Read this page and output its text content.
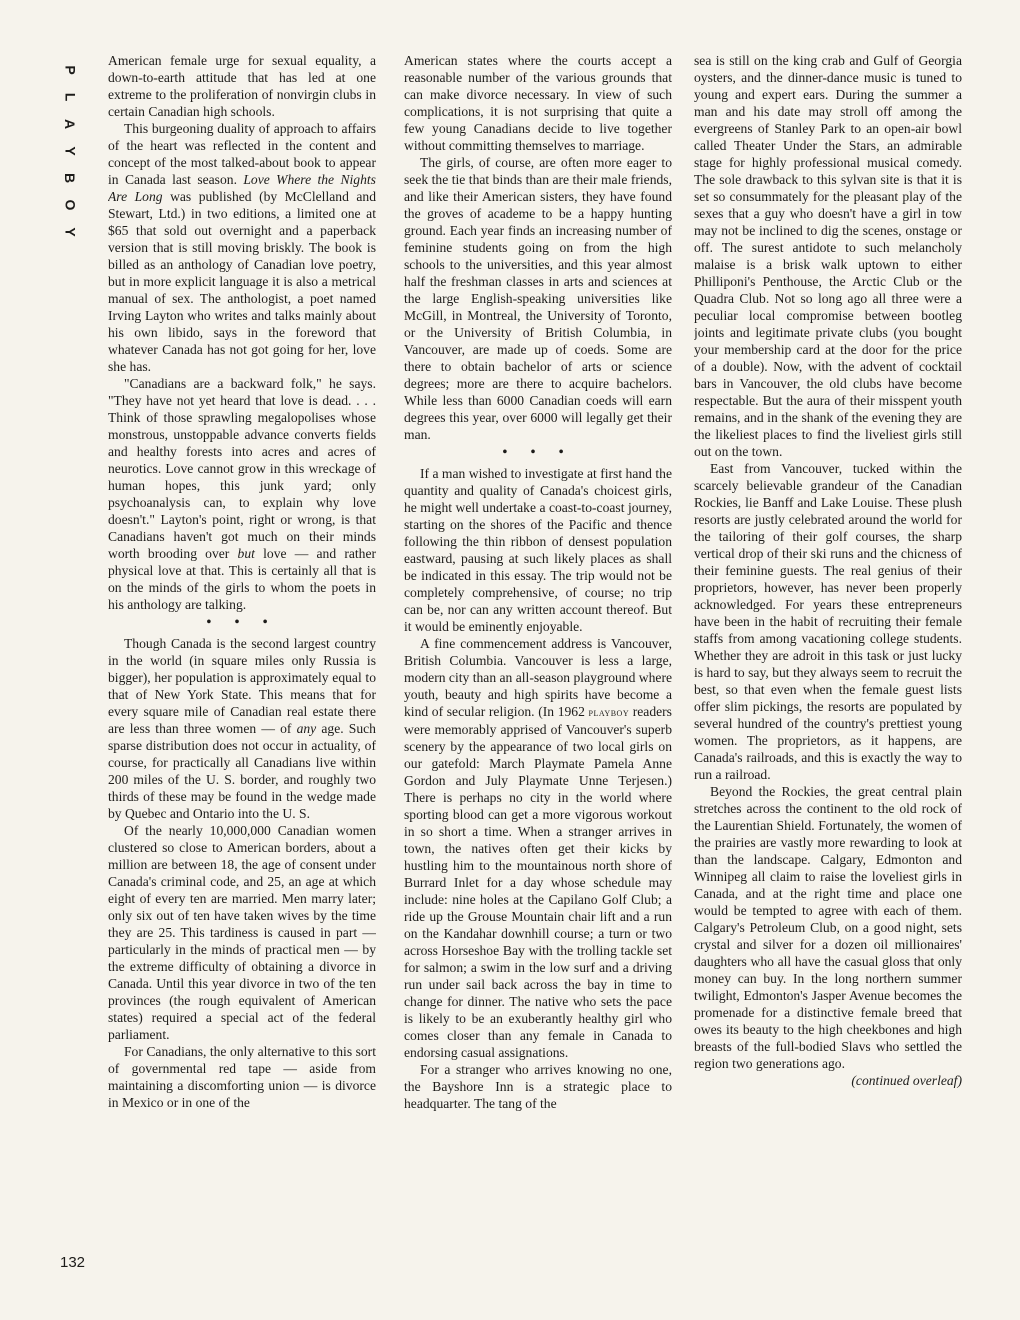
P
L
A
Y
B
O
Y

American female urge for sexual equality, a down-to-earth attitude that has led at one extreme to the proliferation of nonvirgin clubs in certain Canadian high schools.

This burgeoning duality of approach to affairs of the heart was reflected in the content and concept of the most talked-about book to appear in Canada last season. Love Where the Nights Are Long was published (by McClelland and Stewart, Ltd.) in two editions, a limited one at $65 that sold out overnight and a paperback version that is still moving briskly. The book is billed as an anthology of Canadian love poetry, but in more explicit language it is also a metrical manual of sex. The anthologist, a poet named Irving Layton who writes and talks mainly about his own libido, says in the foreword that whatever Canada has not got going for her, love she has.

"Canadians are a backward folk," he says. "They have not yet heard that love is dead. . . . Think of those sprawling megalopolises whose monstrous, unstoppable advance converts fields and healthy forests into acres and acres of neurotics. Love cannot grow in this wreckage of human hopes, this junk yard; only psychoanalysis can, to explain why love doesn't." Layton's point, right or wrong, is that Canadians haven't got much on their minds worth brooding over but love — and rather physical love at that. This is certainly all that is on the minds of the girls to whom the poets in his anthology are talking.

• • •

Though Canada is the second largest country in the world (in square miles only Russia is bigger), her population is approximately equal to that of New York State. This means that for every square mile of Canadian real estate there are less than three women — of any age. Such sparse distribution does not occur in actuality, of course, for practically all Canadians live within 200 miles of the U. S. border, and roughly two thirds of these may be found in the wedge made by Quebec and Ontario into the U. S.

Of the nearly 10,000,000 Canadian women clustered so close to American borders, about a million are between 18, the age of consent under Canada's criminal code, and 25, an age at which eight of every ten are married. Men marry later; only six out of ten have taken wives by the time they are 25. This tardiness is caused in part — particularly in the minds of practical men — by the extreme difficulty of obtaining a divorce in Canada. Until this year divorce in two of the ten provinces (the rough equivalent of American states) required a special act of the federal parliament.

For Canadians, the only alternative to this sort of governmental red tape — aside from maintaining a discomforting union — is divorce in Mexico or in one of the

American states where the courts accept a reasonable number of the various grounds that can make divorce necessary. In view of such complications, it is not surprising that quite a few young Canadians decide to live together without committing themselves to marriage.

The girls, of course, are often more eager to seek the tie that binds than are their male friends, and like their American sisters, they have found the groves of academe to be a happy hunting ground. Each year finds an increasing number of feminine students going on from the high schools to the universities, and this year almost half the freshman classes in arts and sciences at the large English-speaking universities like McGill, in Montreal, the University of Toronto, or the University of British Columbia, in Vancouver, are made up of coeds. Some are there to obtain bachelor of arts or science degrees; more are there to acquire bachelors. While less than 6000 Canadian coeds will earn degrees this year, over 6000 will legally get their man.

• • •

If a man wished to investigate at first hand the quantity and quality of Canada's choicest girls, he might well undertake a coast-to-coast journey, starting on the shores of the Pacific and thence following the thin ribbon of densest population eastward, pausing at such likely places as shall be indicated in this essay. The trip would not be completely comprehensive, of course; no trip can be, nor can any written account thereof. But it would be eminently enjoyable.

A fine commencement address is Vancouver, British Columbia. Vancouver is less a large, modern city than an all-season playground where youth, beauty and high spirits have become a kind of secular religion. (In 1962 playboy readers were memorably apprised of Vancouver's superb scenery by the appearance of two local girls on our gatefold: March Playmate Pamela Anne Gordon and July Playmate Unne Terjesen.) There is perhaps no city in the world where sporting blood can get a more vigorous workout in so short a time. When a stranger arrives in town, the natives often get their kicks by hustling him to the mountainous north shore of Burrard Inlet for a day whose schedule may include: nine holes at the Capilano Golf Club; a ride up the Grouse Mountain chair lift and a run on the Kandahar downhill course; a turn or two across Horseshoe Bay with the trolling tackle set for salmon; a swim in the low surf and a driving run under sail back across the bay in time to change for dinner. The native who sets the pace is likely to be an exuberantly healthy girl who comes closer than any female in Canada to endorsing casual assignations.

For a stranger who arrives knowing no one, the Bayshore Inn is a strategic place to headquarter. The tang of the

sea is still on the king crab and Gulf of Georgia oysters, and the dinner-dance music is tuned to young and expert ears. During the summer a man and his date may stroll off among the evergreens of Stanley Park to an open-air bowl called Theater Under the Stars, an admirable stage for highly professional musical comedy. The sole drawback to this sylvan site is that it is set so consummately for the pleasant play of the sexes that a guy who doesn't have a girl in tow may not be inclined to dig the scenes, onstage or off. The surest antidote to such melancholy malaise is a brisk walk uptown to either Philliponi's Penthouse, the Arctic Club or the Quadra Club. Not so long ago all three were a peculiar local compromise between bootleg joints and legitimate private clubs (you bought your membership card at the door for the price of a double). Now, with the advent of cocktail bars in Vancouver, the old clubs have become respectable. But the aura of their misspent youth remains, and in the shank of the evening they are the likeliest places to find the liveliest girls still out on the town.

East from Vancouver, tucked within the scarcely believable grandeur of the Canadian Rockies, lie Banff and Lake Louise. These plush resorts are justly celebrated around the world for the tailoring of their golf courses, the sharp vertical drop of their ski runs and the chicness of their feminine guests. The real genius of their proprietors, however, has never been properly acknowledged. For years these entrepreneurs have been in the habit of recruiting their female staffs from among vacationing college students. Whether they are adroit in this task or just lucky is hard to say, but they always seem to recruit the best, so that even when the female guest lists offer slim pickings, the resorts are populated by several hundred of the country's prettiest young women. The proprietors, as it happens, are Canada's railroads, and this is exactly the way to run a railroad.

Beyond the Rockies, the great central plain stretches across the continent to the old rock of the Laurentian Shield. Fortunately, the women of the prairies are vastly more rewarding to look at than the landscape. Calgary, Edmonton and Winnipeg all claim to raise the loveliest girls in Canada, and at the right time and place one would be tempted to agree with each of them. Calgary's Petroleum Club, on a good night, sets crystal and silver for a dozen oil millionaires' daughters who all have the casual gloss that only money can buy. In the long northern summer twilight, Edmonton's Jasper Avenue becomes the promenade for a distinctive female breed that owes its beauty to the high cheekbones and high breasts of the full-bodied Slavs who settled the region two generations ago.

(continued overleaf)

132
